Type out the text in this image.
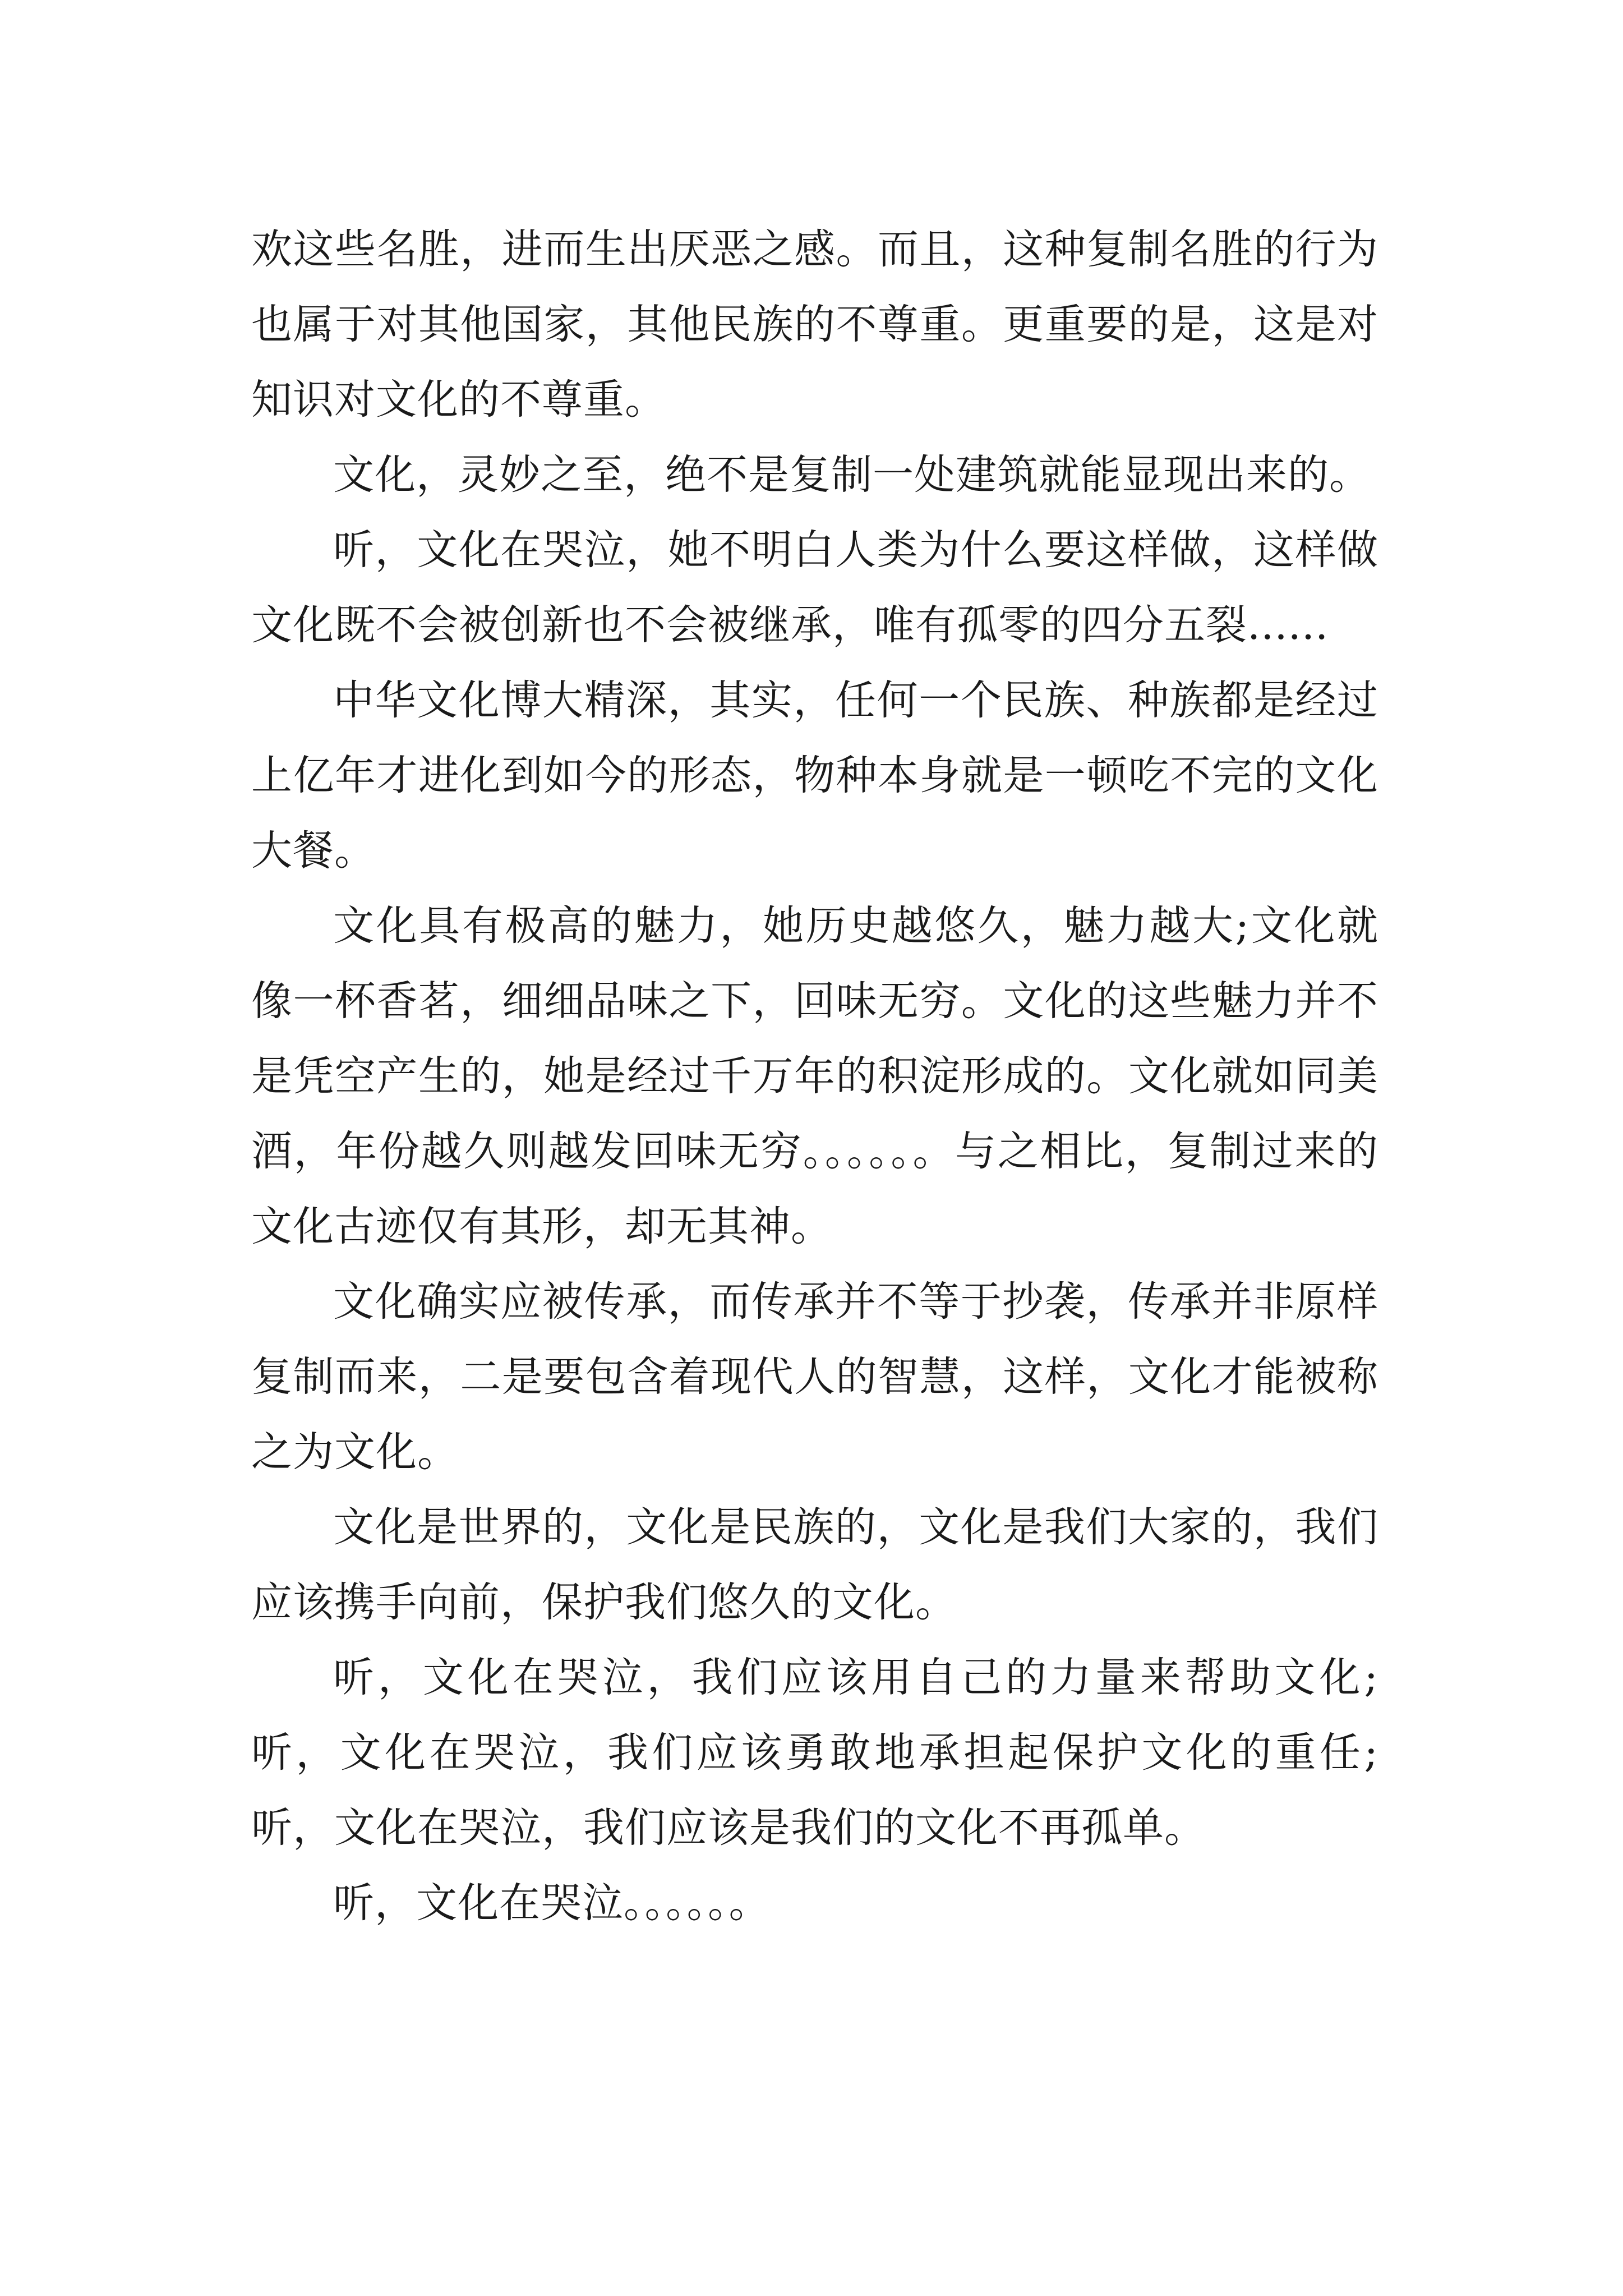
欢这些名胜，进而生出厌恶之感。而且，这种复制名胜的行为也属于对其他国家，其他民族的不尊重。更重要的是，这是对知识对文化的不尊重。

文化，灵妙之至，绝不是复制一处建筑就能显现出来的。

听，文化在哭泣，她不明白人类为什么要这样做，这样做文化既不会被创新也不会被继承，唯有孤零的四分五裂......

中华文化博大精深，其实，任何一个民族、种族都是经过上亿年才进化到如今的形态，物种本身就是一顿吃不完的文化大餐。

文化具有极高的魅力，她历史越悠久，魅力越大;文化就像一杯香茗，细细品味之下，回味无穷。文化的这些魅力并不是凭空产生的，她是经过千万年的积淀形成的。文化就如同美酒，年份越久则越发回味无穷。。。。。。与之相比，复制过来的文化古迹仅有其形，却无其神。

文化确实应被传承，而传承并不等于抄袭，传承并非原样复制而来，二是要包含着现代人的智慧，这样，文化才能被称之为文化。

文化是世界的，文化是民族的，文化是我们大家的，我们应该携手向前，保护我们悠久的文化。

听，文化在哭泣，我们应该用自己的力量来帮助文化;听，文化在哭泣，我们应该勇敢地承担起保护文化的重任;听，文化在哭泣，我们应该是我们的文化不再孤单。

听，文化在哭泣。。。。。。
